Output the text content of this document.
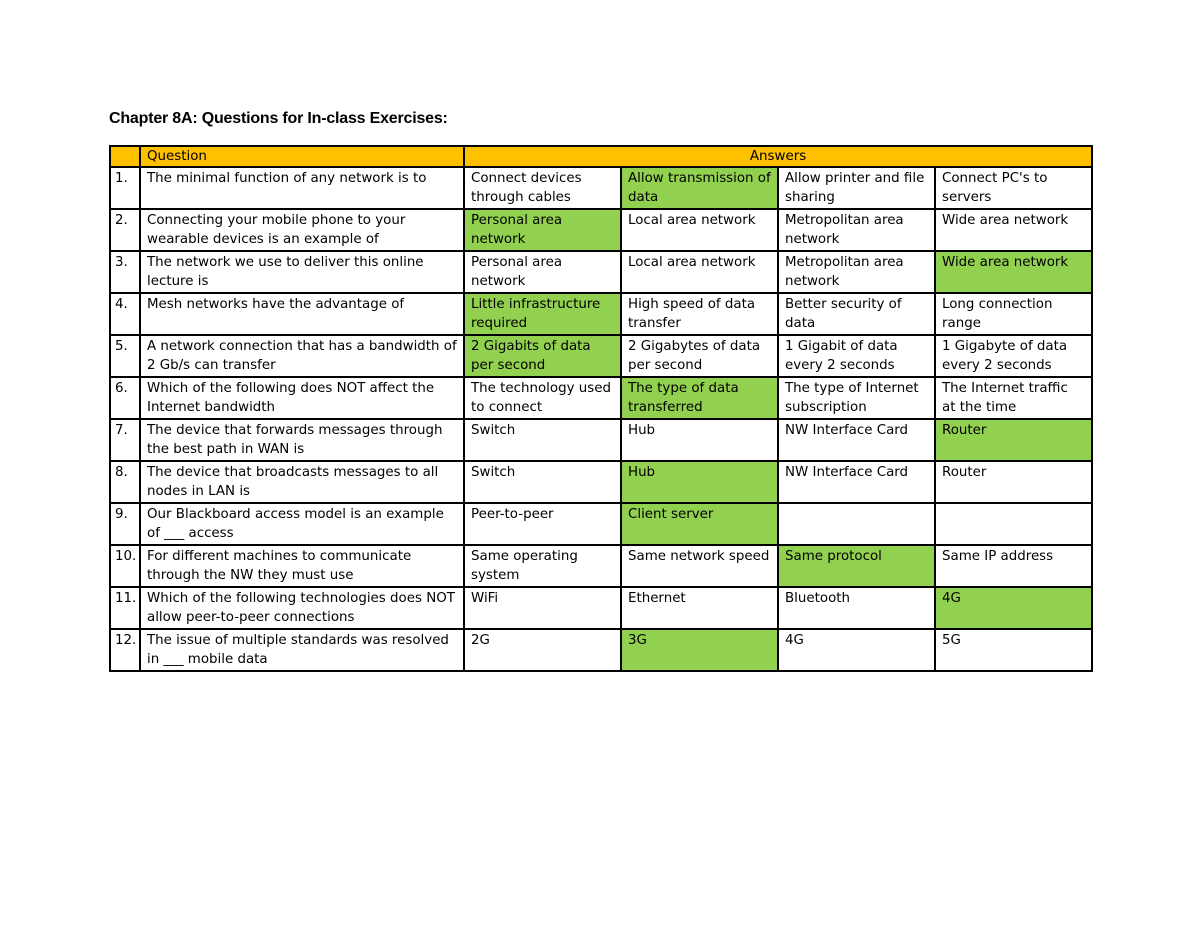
Chapter 8A: Questions for In-class Exercises:
	Question	Answers			
1.	The minimal function of any network is to	Connect devices through cables	Allow transmission of data	Allow printer and file sharing	Connect PC's to servers
2.	Connecting your mobile phone to your wearable devices is an example of	Personal area network	Local area network	Metropolitan area network	Wide area network
3.	The network we use to deliver this online lecture is	Personal area network	Local area network	Metropolitan area network	Wide area network
4.	Mesh networks have the advantage of	Little infrastructure required	High speed of data transfer	Better security of data	Long connection range
5.	A network connection that has a bandwidth of 2 Gb/s can transfer	2 Gigabits of data per second	2 Gigabytes of data per second	1 Gigabit of data every 2 seconds	1 Gigabyte of data every 2 seconds
6.	Which of the following does NOT affect the Internet bandwidth	The technology used to connect	The type of data transferred	The type of Internet subscription	The Internet traffic at the time
7.	The device that forwards messages through the best path in WAN is	Switch	Hub	NW Interface Card	Router
8.	The device that broadcasts messages to all nodes in LAN is	Switch	Hub	NW Interface Card	Router
9.	Our Blackboard access model is an example of ___ access	Peer-to-peer	Client server		
10.	For different machines to communicate through the NW they must use	Same operating system	Same network speed	Same protocol	Same IP address
11.	Which of the following technologies does NOT allow peer-to-peer connections	WiFi	Ethernet	Bluetooth	4G
12.	The issue of multiple standards was resolved in ___ mobile data	2G	3G	4G	5G
